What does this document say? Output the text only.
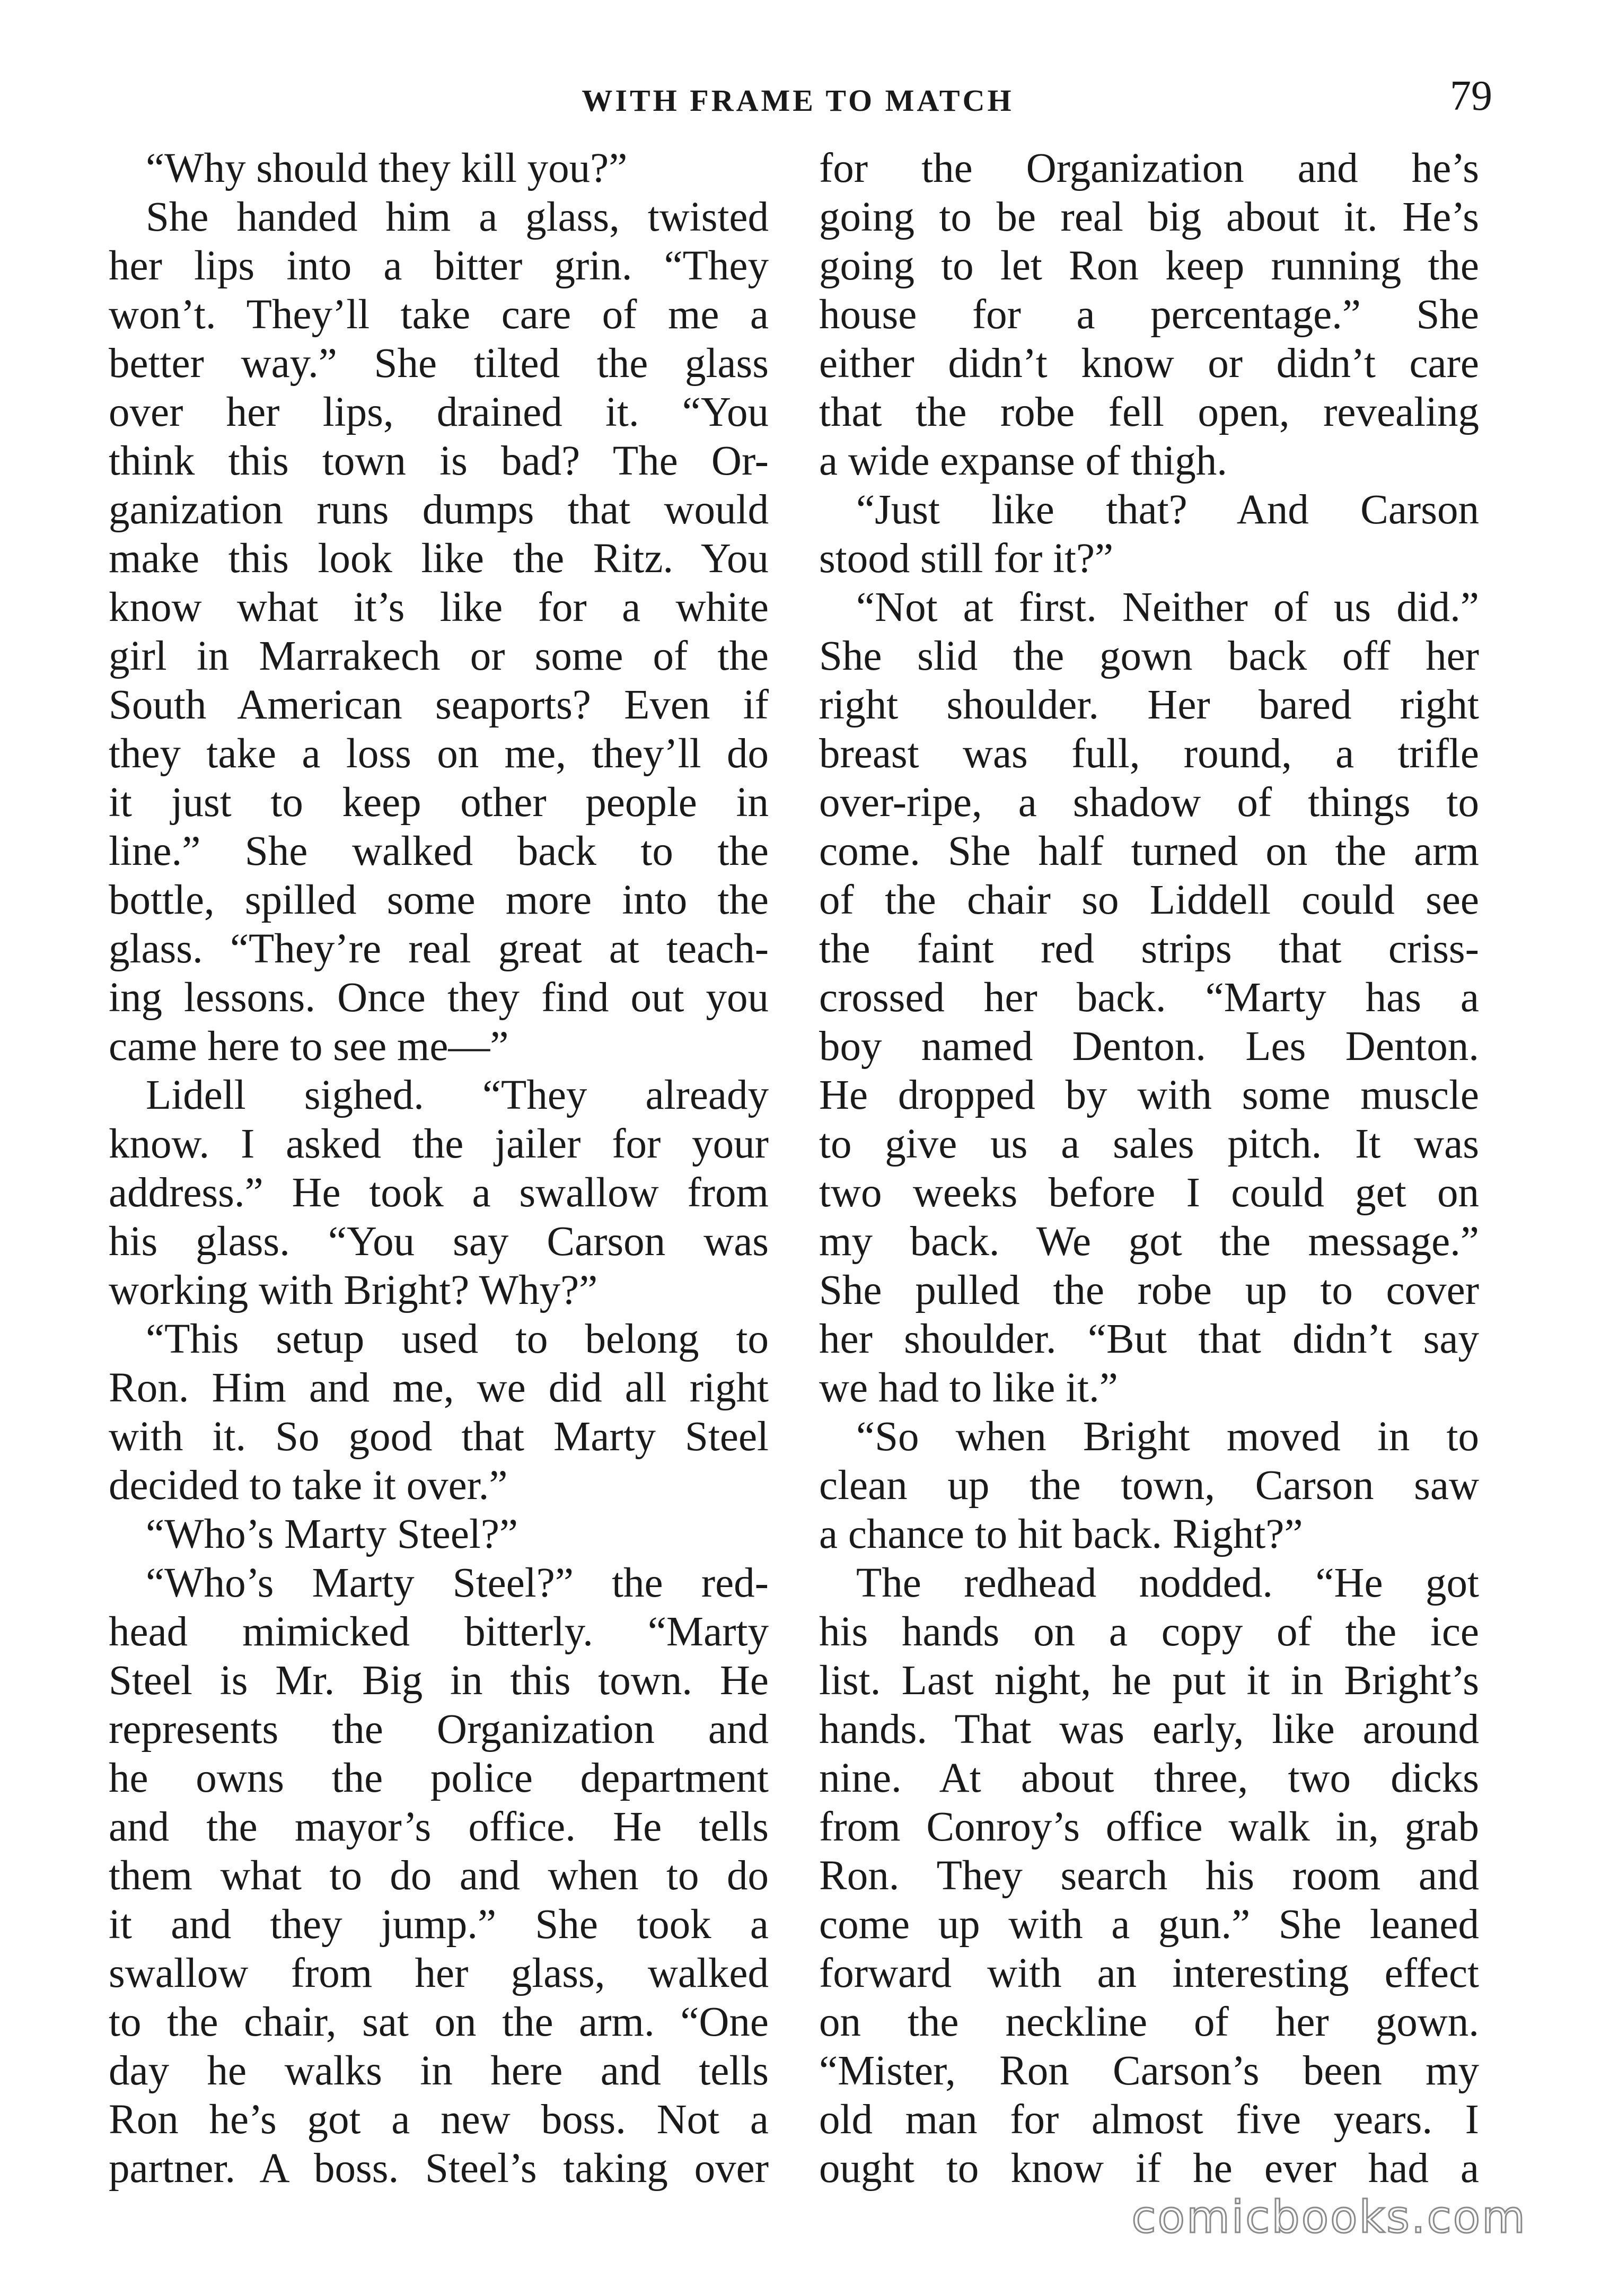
WITH FRAME TO MATCH	79
“Why should they kill you?”
She handed him a glass, twisted
her lips into a bitter grin. “They
won’t. They’ll take care of me a
better way.” She tilted the glass
over her lips, drained it. “You
think this town is bad? The Or-
ganization runs dumps that would
make this look like the Ritz. You
know what it’s like for a white
girl in Marrakech or some of the
South American seaports? Even if
they take a loss on me, they’ll do
it just to keep other people in
line.” She walked back to the
bottle, spilled some more into the
glass. “They’re real great at teach-
ing lessons. Once they find out you
came here to see me—”
Lidell sighed. “They already
know. I asked the jailer for your
address.” He took a swallow from
his glass. “You say Carson was
working with Bright? Why?”
“This setup used to belong to
Ron. Him and me, we did all right
with it. So good that Marty Steel
decided to take it over.”
“Who’s Marty Steel?”
“Who’s Marty Steel?” the red-
head mimicked bitterly. “Marty
Steel is Mr. Big in this town. He
represents the Organization and
he owns the police department
and the mayor’s office. He tells
them what to do and when to do
it and they jump.” She took a
swallow from her glass, walked
to the chair, sat on the arm. “One
day he walks in here and tells
Ron he’s got a new boss. Not a
partner. A boss. Steel’s taking over
for the Organization and he’s
going to be real big about it. He’s
going to let Ron keep running the
house for a percentage.” She
either didn’t know or didn’t care
that the robe fell open, revealing
a wide expanse of thigh.
“Just like that? And Carson
stood still for it?”
“Not at first. Neither of us did.”
She slid the gown back off her
right shoulder. Her bared right
breast was full, round, a trifle
over-ripe, a shadow of things to
come. She half turned on the arm
of the chair so Liddell could see
the faint red strips that criss-
crossed her back. “Marty has a
boy named Denton. Les Denton.
He dropped by with some muscle
to give us a sales pitch. It was
two weeks before I could get on
my back. We got the message.”
She pulled the robe up to cover
her shoulder. “But that didn’t say
we had to like it.”
“So when Bright moved in to
clean up the town, Carson saw
a chance to hit back. Right?”
The redhead nodded. “He got
his hands on a copy of the ice
list. Last night, he put it in Bright’s
hands. That was early, like around
nine. At about three, two dicks
from Conroy’s office walk in, grab
Ron. They search his room and
come up with a gun.” She leaned
forward with an interesting effect
on the neckline of her gown.
“Mister, Ron Carson’s been my
old man for almost five years. I
ought to know if he ever had a
comicbooks.com
